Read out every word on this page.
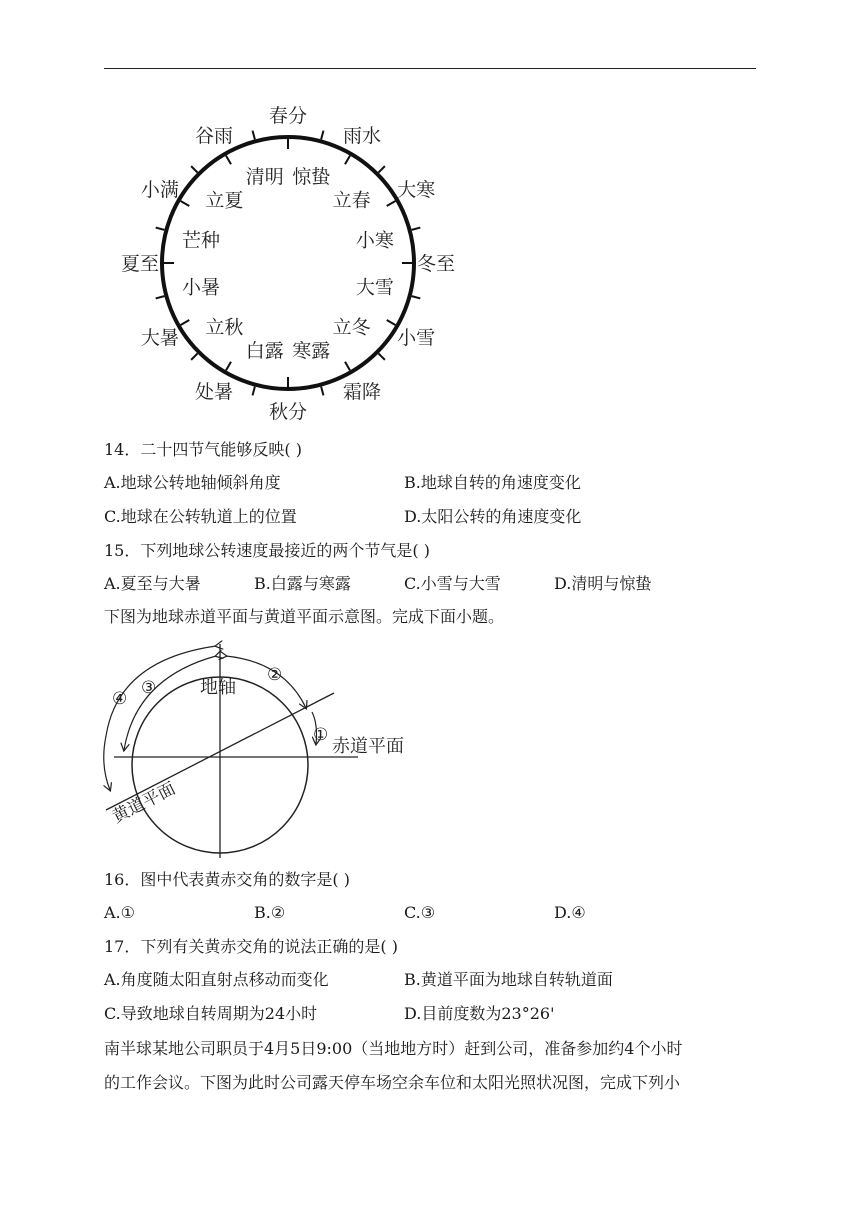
春分
雨水
大寒
冬至
小雪
霜降
秋分
处暑
大暑
夏至
小满
谷雨
惊蛰
立春
小寒
大雪
立冬
寒露
白露
立秋
小暑
芒种
立夏
清明
14．二十四节气能够反映( )
A.地球公转地轴倾斜角度	B.地球自转的角速度变化
C.地球在公转轨道上的位置	D.太阳公转的角速度变化
15．下列地球公转速度最接近的两个节气是( )
A.夏至与大暑	B.白露与寒露	C.小雪与大雪	D.清明与惊蛰
下图为地球赤道平面与黄道平面示意图。完成下面小题。
地轴
赤道平面
黄道平面
①
②
③
④
16．图中代表黄赤交角的数字是( )
A.①	B.②	C.③	D.④
17．下列有关黄赤交角的说法正确的是( )
A.角度随太阳直射点移动而变化	B.黄道平面为地球自转轨道面
C.导致地球自转周期为24小时	D.目前度数为23°26'
南半球某地公司职员于4月5日9:00（当地地方时）赶到公司，准备参加约4个小时
的工作会议。下图为此时公司露天停车场空余车位和太阳光照状况图，完成下列小
